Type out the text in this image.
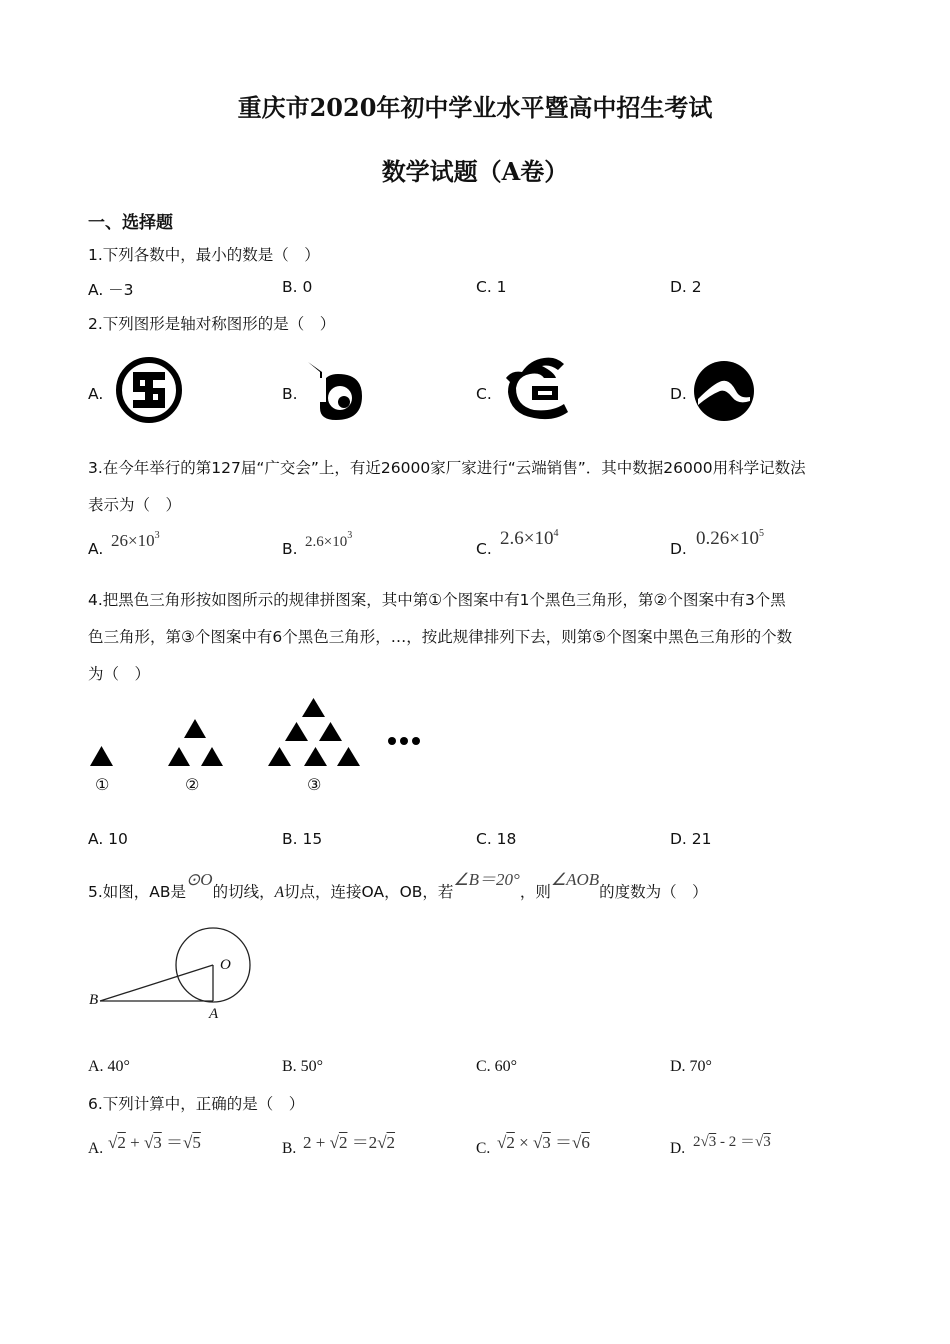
重庆市2020年初中学业水平暨高中招生考试
数学试题（A卷）
一、选择题
1.下列各数中，最小的数是（　）
A. －3	B. 0	C. 1	D. 2
2.下列图形是轴对称图形的是（　）
A.	B.	C.	D.
3.在今年举行的第127届“广交会”上，有近26000家厂家进行“云端销售”．其中数据26000用科学记数法
表示为（　）
A. $26\times 10^3$
B. $2.6\times 10^3$
C. $2.6\times 10^4$
D. $0.26\times 10^5$
4.把黑色三角形按如图所示的规律拼图案，其中第①个图案中有1个黑色三角形，第②个图案中有3个黑
色三角形，第③个图案中有6个黑色三角形，…，按此规律排列下去，则第⑤个图案中黑色三角形的个数
为（　）
①	②	③
A. 10	B. 15	C. 18	D. 21
5.如图，AB是⊙O的切线，A切点，连接OA，OB，若∠B＝20°，则∠AOB的度数为（　）
B
A
O
A. 40°	B. 50°	C. 60°	D. 70°
6.下列计算中，正确的是（　）
A. √2 + √3 ＝√5	B. 2 + √2 ＝2√2	C. √2 × √3 ＝√6	D. 2√3 - 2 ＝√3
